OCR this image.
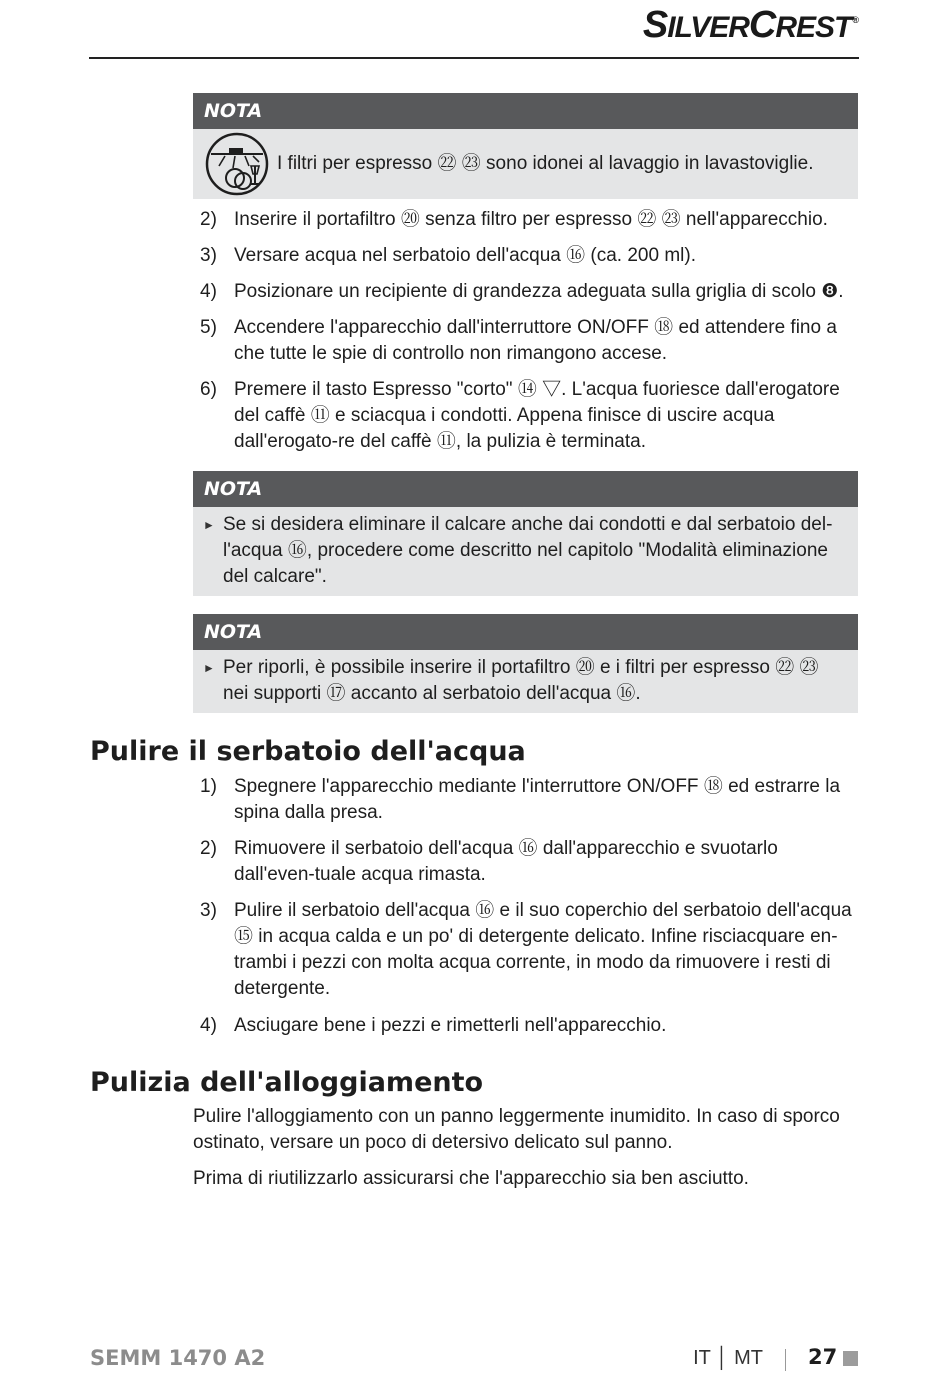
SILVERCREST®
NOTA
I filtri per espresso ㉒ ㉓ sono idonei al lavaggio in lavastoviglie.
2) Inserire il portafiltro ⑳ senza filtro per espresso ㉒ ㉓ nell'apparecchio.
3) Versare acqua nel serbatoio dell'acqua ⑯ (ca. 200 ml).
4) Posizionare un recipiente di grandezza adeguata sulla griglia di scolo ❽.
5) Accendere l'apparecchio dall'interruttore ON/OFF ⑱ ed attendere fino a che tutte le spie di controllo non rimangono accese.
6) Premere il tasto Espresso "corto" ⑭ ▽. L'acqua fuoriesce dall'erogatore del caffè ⑪ e sciacqua i condotti. Appena finisce di uscire acqua dall'erogato-re del caffè ⑪, la pulizia è terminata.
NOTA
► Se si desidera eliminare il calcare anche dai condotti e dal serbatoio del-l'acqua ⑯, procedere come descritto nel capitolo "Modalità eliminazione del calcare".
NOTA
► Per riporli, è possibile inserire il portafiltro ⑳ e i filtri per espresso ㉒ ㉓ nei supporti ⑰ accanto al serbatoio dell'acqua ⑯.
Pulire il serbatoio dell'acqua
1) Spegnere l'apparecchio mediante l'interruttore ON/OFF ⑱ ed estrarre la spina dalla presa.
2) Rimuovere il serbatoio dell'acqua ⑯ dall'apparecchio e svuotarlo dall'even-tuale acqua rimasta.
3) Pulire il serbatoio dell'acqua ⑯ e il suo coperchio del serbatoio dell'acqua ⑮ in acqua calda e un po' di detergente delicato. Infine risciacquare en-trambi i pezzi con molta acqua corrente, in modo da rimuovere i resti di detergente.
4) Asciugare bene i pezzi e rimetterli nell'apparecchio.
Pulizia dell'alloggiamento
Pulire l'alloggiamento con un panno leggermente inumidito. In caso di sporco ostinato, versare un poco di detersivo delicato sul panno.
Prima di riutilizzarlo assicurarsi che l'apparecchio sia ben asciutto.
SEMM 1470 A2	IT │ MT 27
